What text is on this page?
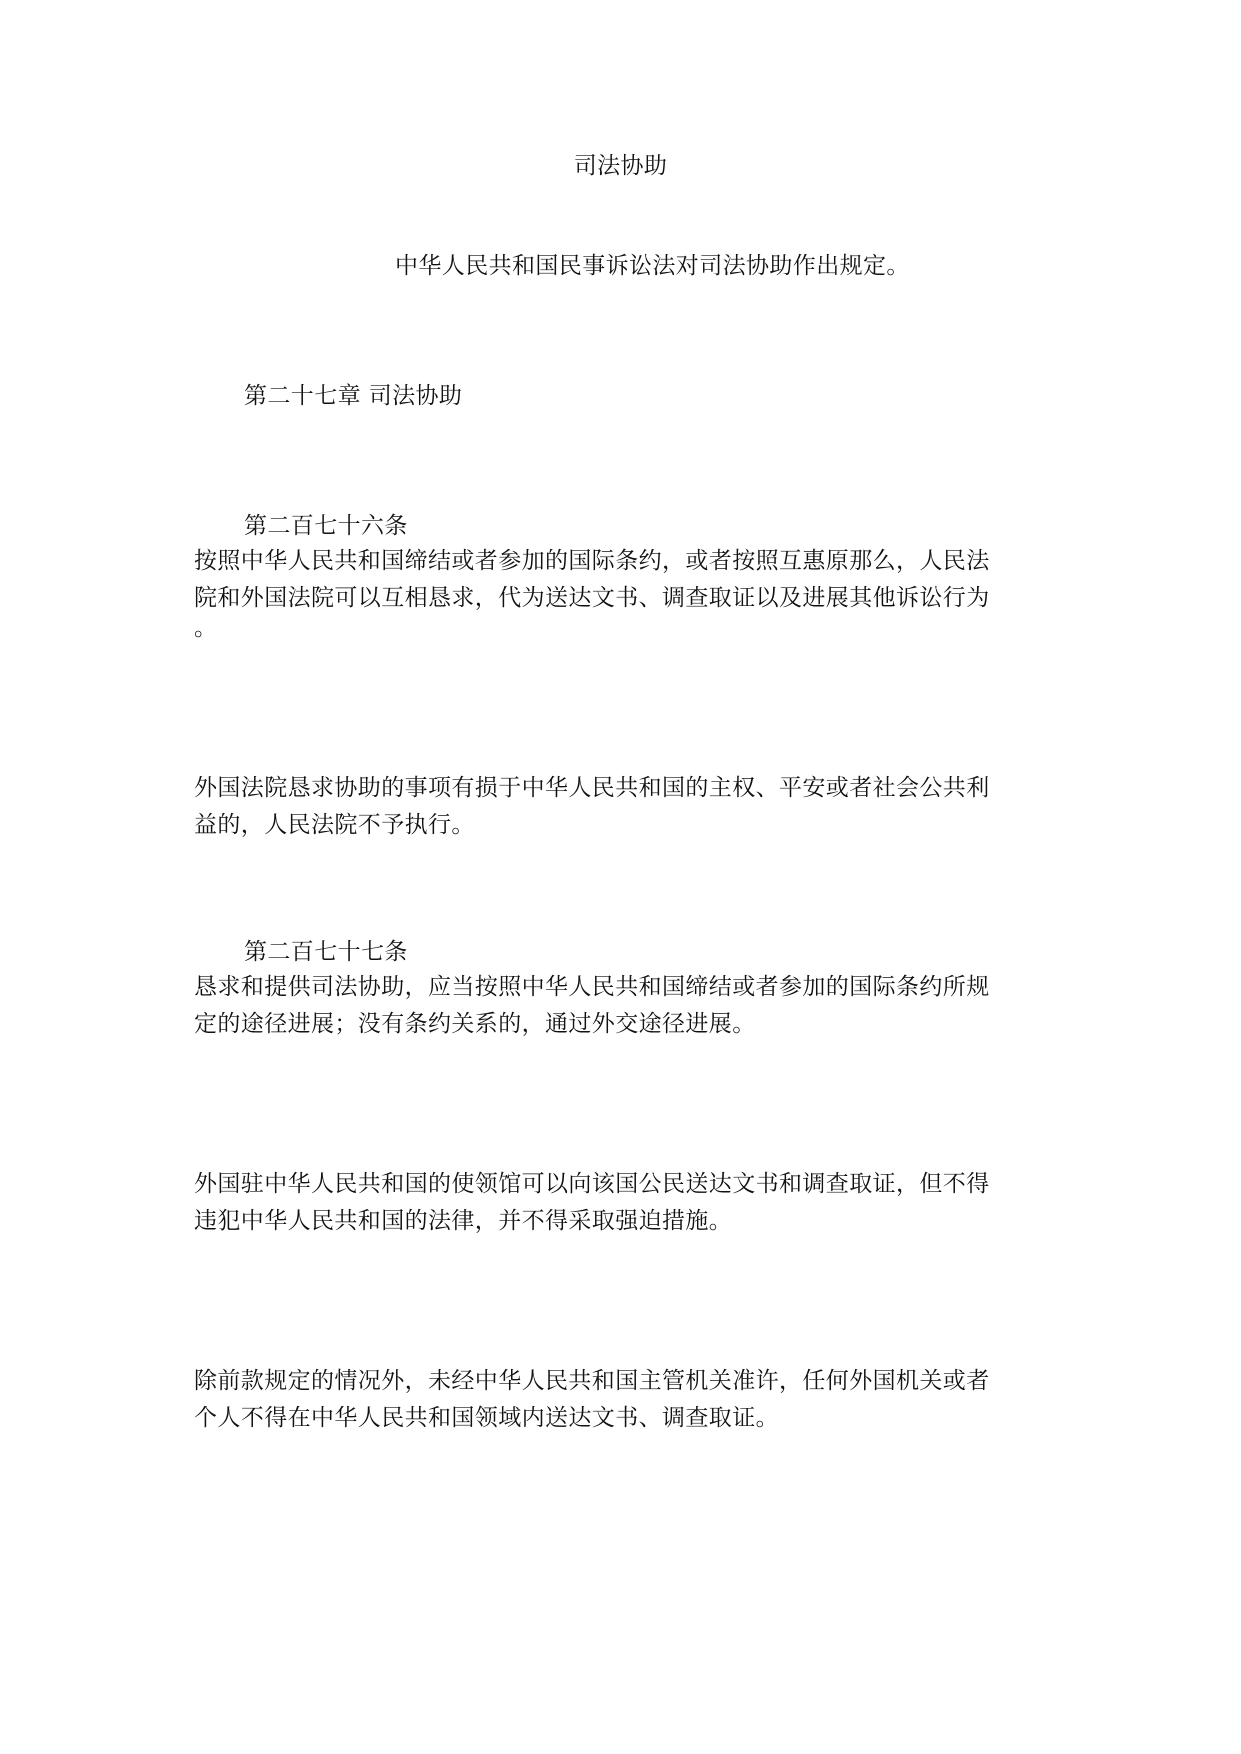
司法协助
中华人民共和国民事诉讼法对司法协助作出规定。
第二十七章 司法协助
第二百七十六条
按照中华人民共和国缔结或者参加的国际条约，或者按照互惠原那么，人民法
院和外国法院可以互相恳求，代为送达文书、调查取证以及进展其他诉讼行为
。
外国法院恳求协助的事项有损于中华人民共和国的主权、平安或者社会公共利
益的，人民法院不予执行。
第二百七十七条
恳求和提供司法协助，应当按照中华人民共和国缔结或者参加的国际条约所规
定的途径进展；没有条约关系的，通过外交途径进展。
外国驻中华人民共和国的使领馆可以向该国公民送达文书和调查取证，但不得
违犯中华人民共和国的法律，并不得采取强迫措施。
除前款规定的情况外，未经中华人民共和国主管机关准许，任何外国机关或者
个人不得在中华人民共和国领域内送达文书、调查取证。
